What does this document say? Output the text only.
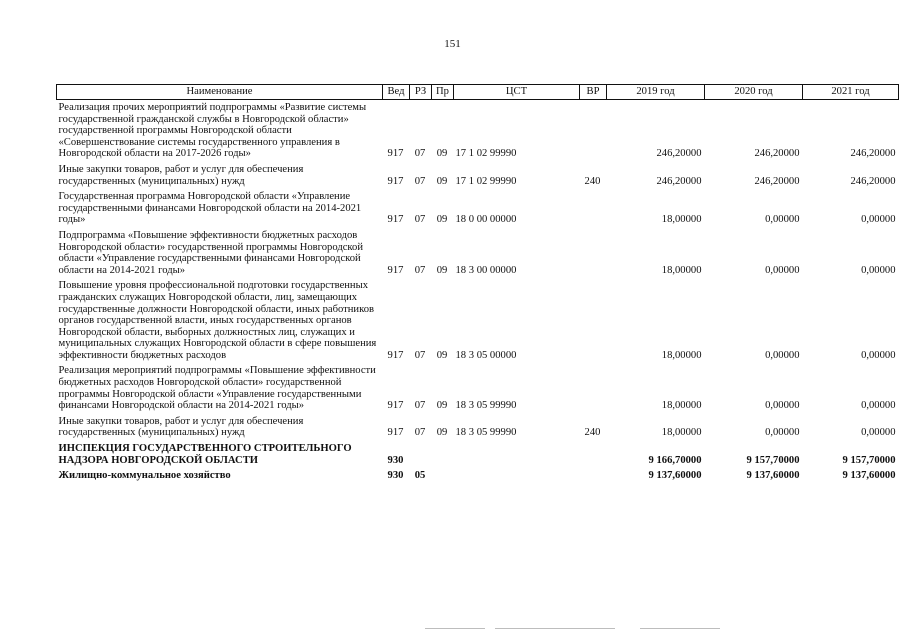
151
Наименование	Вед	РЗ	Пр	ЦСТ	ВР	2019 год	2020 год	2021 год
Реализация прочих мероприятий подпрограммы «Развитие системы государственной гражданской службы в Новгородской области» государственной программы Новгородской области «Совершенствование системы государственного управления в Новгородской области на 2017-2026 годы»	917	07	09	17 1 02 99990		246,20000	246,20000	246,20000
Иные закупки товаров, работ и услуг для обеспечения государственных (муниципальных) нужд	917	07	09	17 1 02 99990	240	246,20000	246,20000	246,20000
Государственная программа Новгородской области «Управление государственными финансами Новгородской области на 2014-2021 годы»	917	07	09	18 0 00 00000		18,00000	0,00000	0,00000
Подпрограмма «Повышение эффективности бюджетных расходов Новгородской области» государственной программы Новгородской области «Управление государственными финансами Новгородской области на 2014-2021 годы»	917	07	09	18 3 00 00000		18,00000	0,00000	0,00000
Повышение уровня профессиональной подготовки государственных гражданских служащих Новгородской области, лиц, замещающих государственные должности Новгородской области, иных работников органов государственной власти, иных государственных органов Новгородской области, выборных должностных лиц, служащих и муниципальных служащих Новгородской области в сфере повышения эффективности бюджетных расходов	917	07	09	18 3 05 00000		18,00000	0,00000	0,00000
Реализация мероприятий подпрограммы «Повышение эффективности бюджетных расходов Новгородской области» государственной программы Новгородской области «Управление государственными финансами Новгородской области на 2014-2021 годы»	917	07	09	18 3 05 99990		18,00000	0,00000	0,00000
Иные закупки товаров, работ и услуг для обеспечения государственных (муниципальных) нужд	917	07	09	18 3 05 99990	240	18,00000	0,00000	0,00000
ИНСПЕКЦИЯ ГОСУДАРСТВЕННОГО СТРОИТЕЛЬНОГО НАДЗОРА НОВГОРОДСКОЙ ОБЛАСТИ	930					9 166,70000	9 157,70000	9 157,70000
Жилищно-коммунальное хозяйство	930	05				9 137,60000	9 137,60000	9 137,60000
